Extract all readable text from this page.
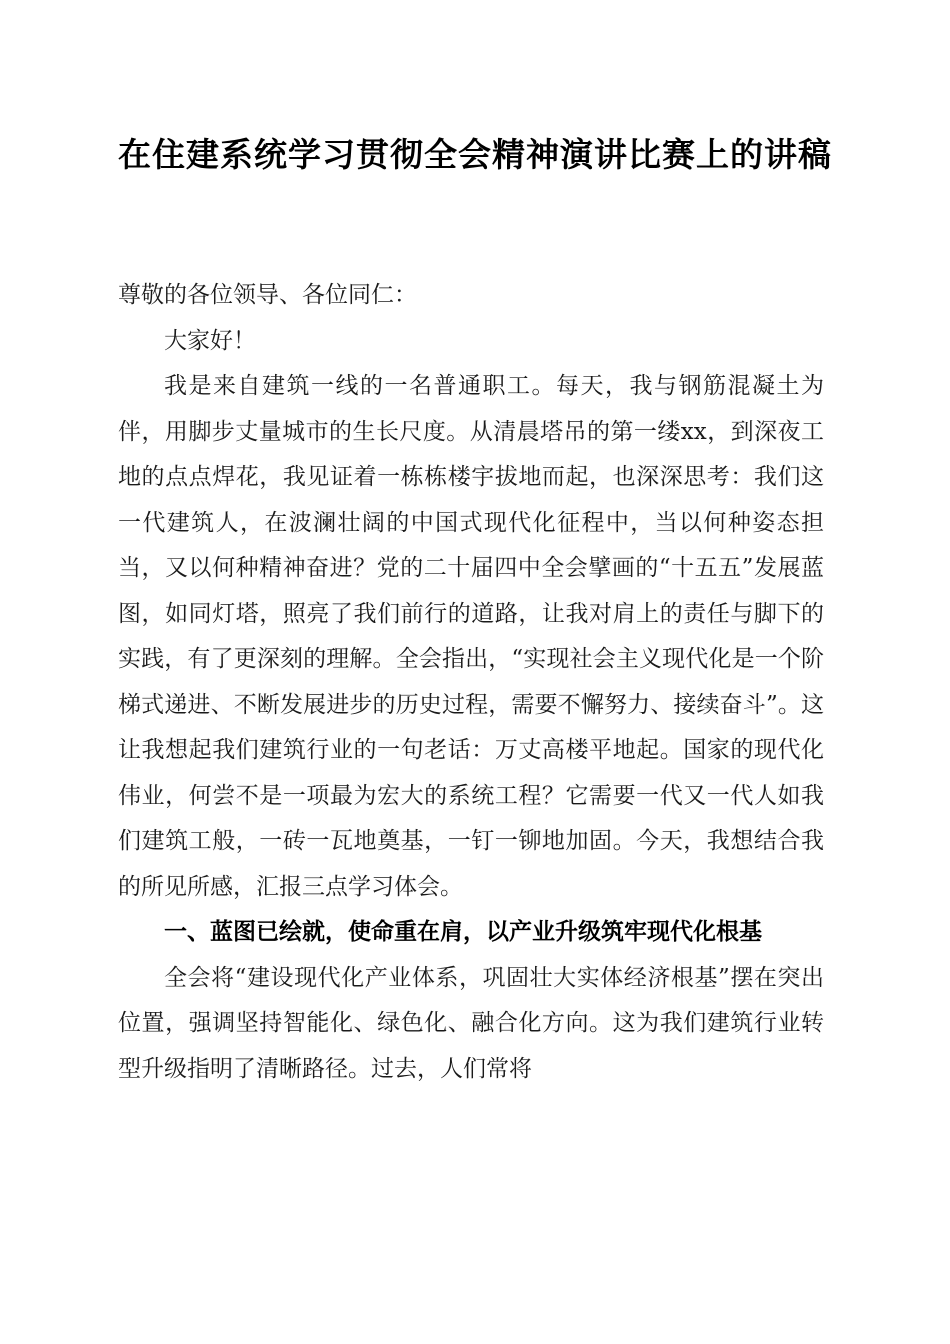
在住建系统学习贯彻全会精神演讲比赛上的讲稿

尊敬的各位领导、各位同仁：

大家好！

我是来自建筑一线的一名普通职工。每天，我与钢筋混凝土为伴，用脚步丈量城市的生长尺度。从清晨塔吊的第一缕xx，到深夜工地的点点焊花，我见证着一栋栋楼宇拔地而起，也深深思考：我们这一代建筑人，在波澜壮阔的中国式现代化征程中，当以何种姿态担当，又以何种精神奋进？党的二十届四中全会擘画的“十五五”发展蓝图，如同灯塔，照亮了我们前行的道路，让我对肩上的责任与脚下的实践，有了更深刻的理解。全会指出，“实现社会主义现代化是一个阶梯式递进、不断发展进步的历史过程，需要不懈努力、接续奋斗”。这让我想起我们建筑行业的一句老话：万丈高楼平地起。国家的现代化伟业，何尝不是一项最为宏大的系统工程？它需要一代又一代人如我们建筑工般，一砖一瓦地奠基，一钉一铆地加固。今天，我想结合我的所见所感，汇报三点学习体会。

一、蓝图已绘就，使命重在肩，以产业升级筑牢现代化根基

全会将“建设现代化产业体系，巩固壮大实体经济根基”摆在突出位置，强调坚持智能化、绿色化、融合化方向。这为我们建筑行业转型升级指明了清晰路径。过去，人们常将
